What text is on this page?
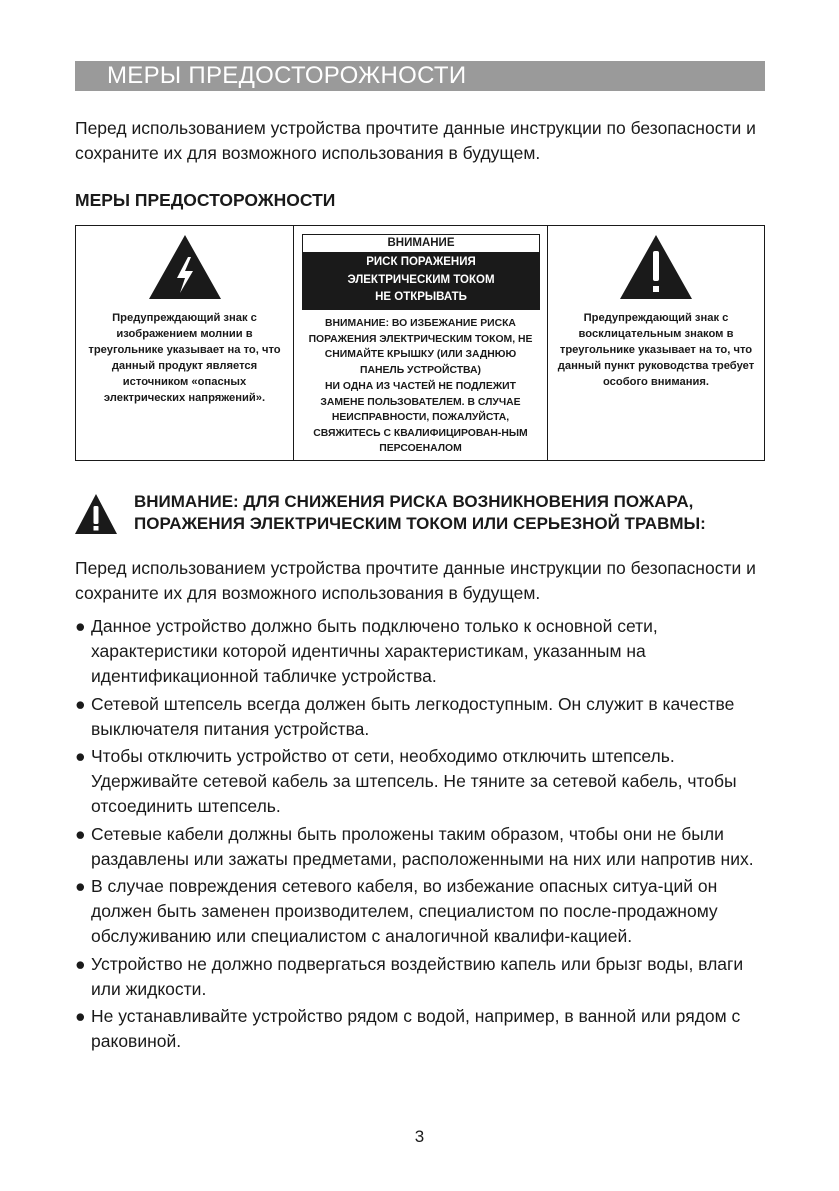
МЕРЫ ПРЕДОСТОРОЖНОСТИ

Перед использованием устройства прочтите данные инструкции по безопасности и сохраните их для возможного использования в будущем.

МЕРЫ ПРЕДОСТОРОЖНОСТИ

Предупреждающий знак с изображением молнии в треугольнике указывает на то, что данный продукт является источником «опасных электрических напряжений».

ВНИМАНИЕ
РИСК ПОРАЖЕНИЯ
ЭЛЕКТРИЧЕСКИМ ТОКОМ
НЕ ОТКРЫВАТЬ

ВНИМАНИЕ: ВО ИЗБЕЖАНИЕ РИСКА ПОРАЖЕНИЯ ЭЛЕКТРИЧЕСКИМ ТОКОМ, НЕ СНИМАЙТЕ КРЫШКУ (ИЛИ ЗАДНЮЮ ПАНЕЛЬ УСТРОЙСТВА)

НИ ОДНА ИЗ ЧАСТЕЙ НЕ ПОДЛЕЖИТ ЗАМЕНЕ ПОЛЬЗОВАТЕЛЕМ. В СЛУЧАЕ НЕИСПРАВНОСТИ, ПОЖАЛУЙСТА, СВЯЖИТЕСЬ С КВАЛИФИЦИРОВАН-НЫМ ПЕРСОЕНАЛОМ

Предупреждающий знак с восклицательным знаком в треугольнике указывает на то, что данный пункт руководства требует особого внимания.

ВНИМАНИЕ: ДЛЯ СНИЖЕНИЯ РИСКА ВОЗНИКНОВЕНИЯ ПОЖАРА, ПОРАЖЕНИЯ ЭЛЕКТРИЧЕСКИМ ТОКОМ ИЛИ СЕРЬЕЗНОЙ ТРАВМЫ:

Перед использованием устройства прочтите данные инструкции по безопасности и сохраните их для возможного использования в будущем.

● Данное устройство должно быть подключено только к основной сети, характеристики которой идентичны характеристикам, указанным на идентификационной табличке устройства.
● Сетевой штепсель всегда должен быть легкодоступным. Он служит в качестве выключателя питания устройства.
● Чтобы отключить устройство от сети, необходимо отключить штепсель. Удерживайте сетевой кабель за штепсель. Не тяните за сетевой кабель, чтобы отсоединить штепсель.
● Сетевые кабели должны быть проложены таким образом, чтобы они не были раздавлены или зажаты предметами, расположенными на них или напротив них.
● В случае повреждения сетевого кабеля, во избежание опасных ситуа-ций он должен быть заменен производителем, специалистом по после-продажному обслуживанию или специалистом с аналогичной квалифи-кацией.
● Устройство не должно подвергаться воздействию капель или брызг воды, влаги или жидкости.
● Не устанавливайте устройство рядом с водой, например, в ванной или рядом с раковиной.
3
